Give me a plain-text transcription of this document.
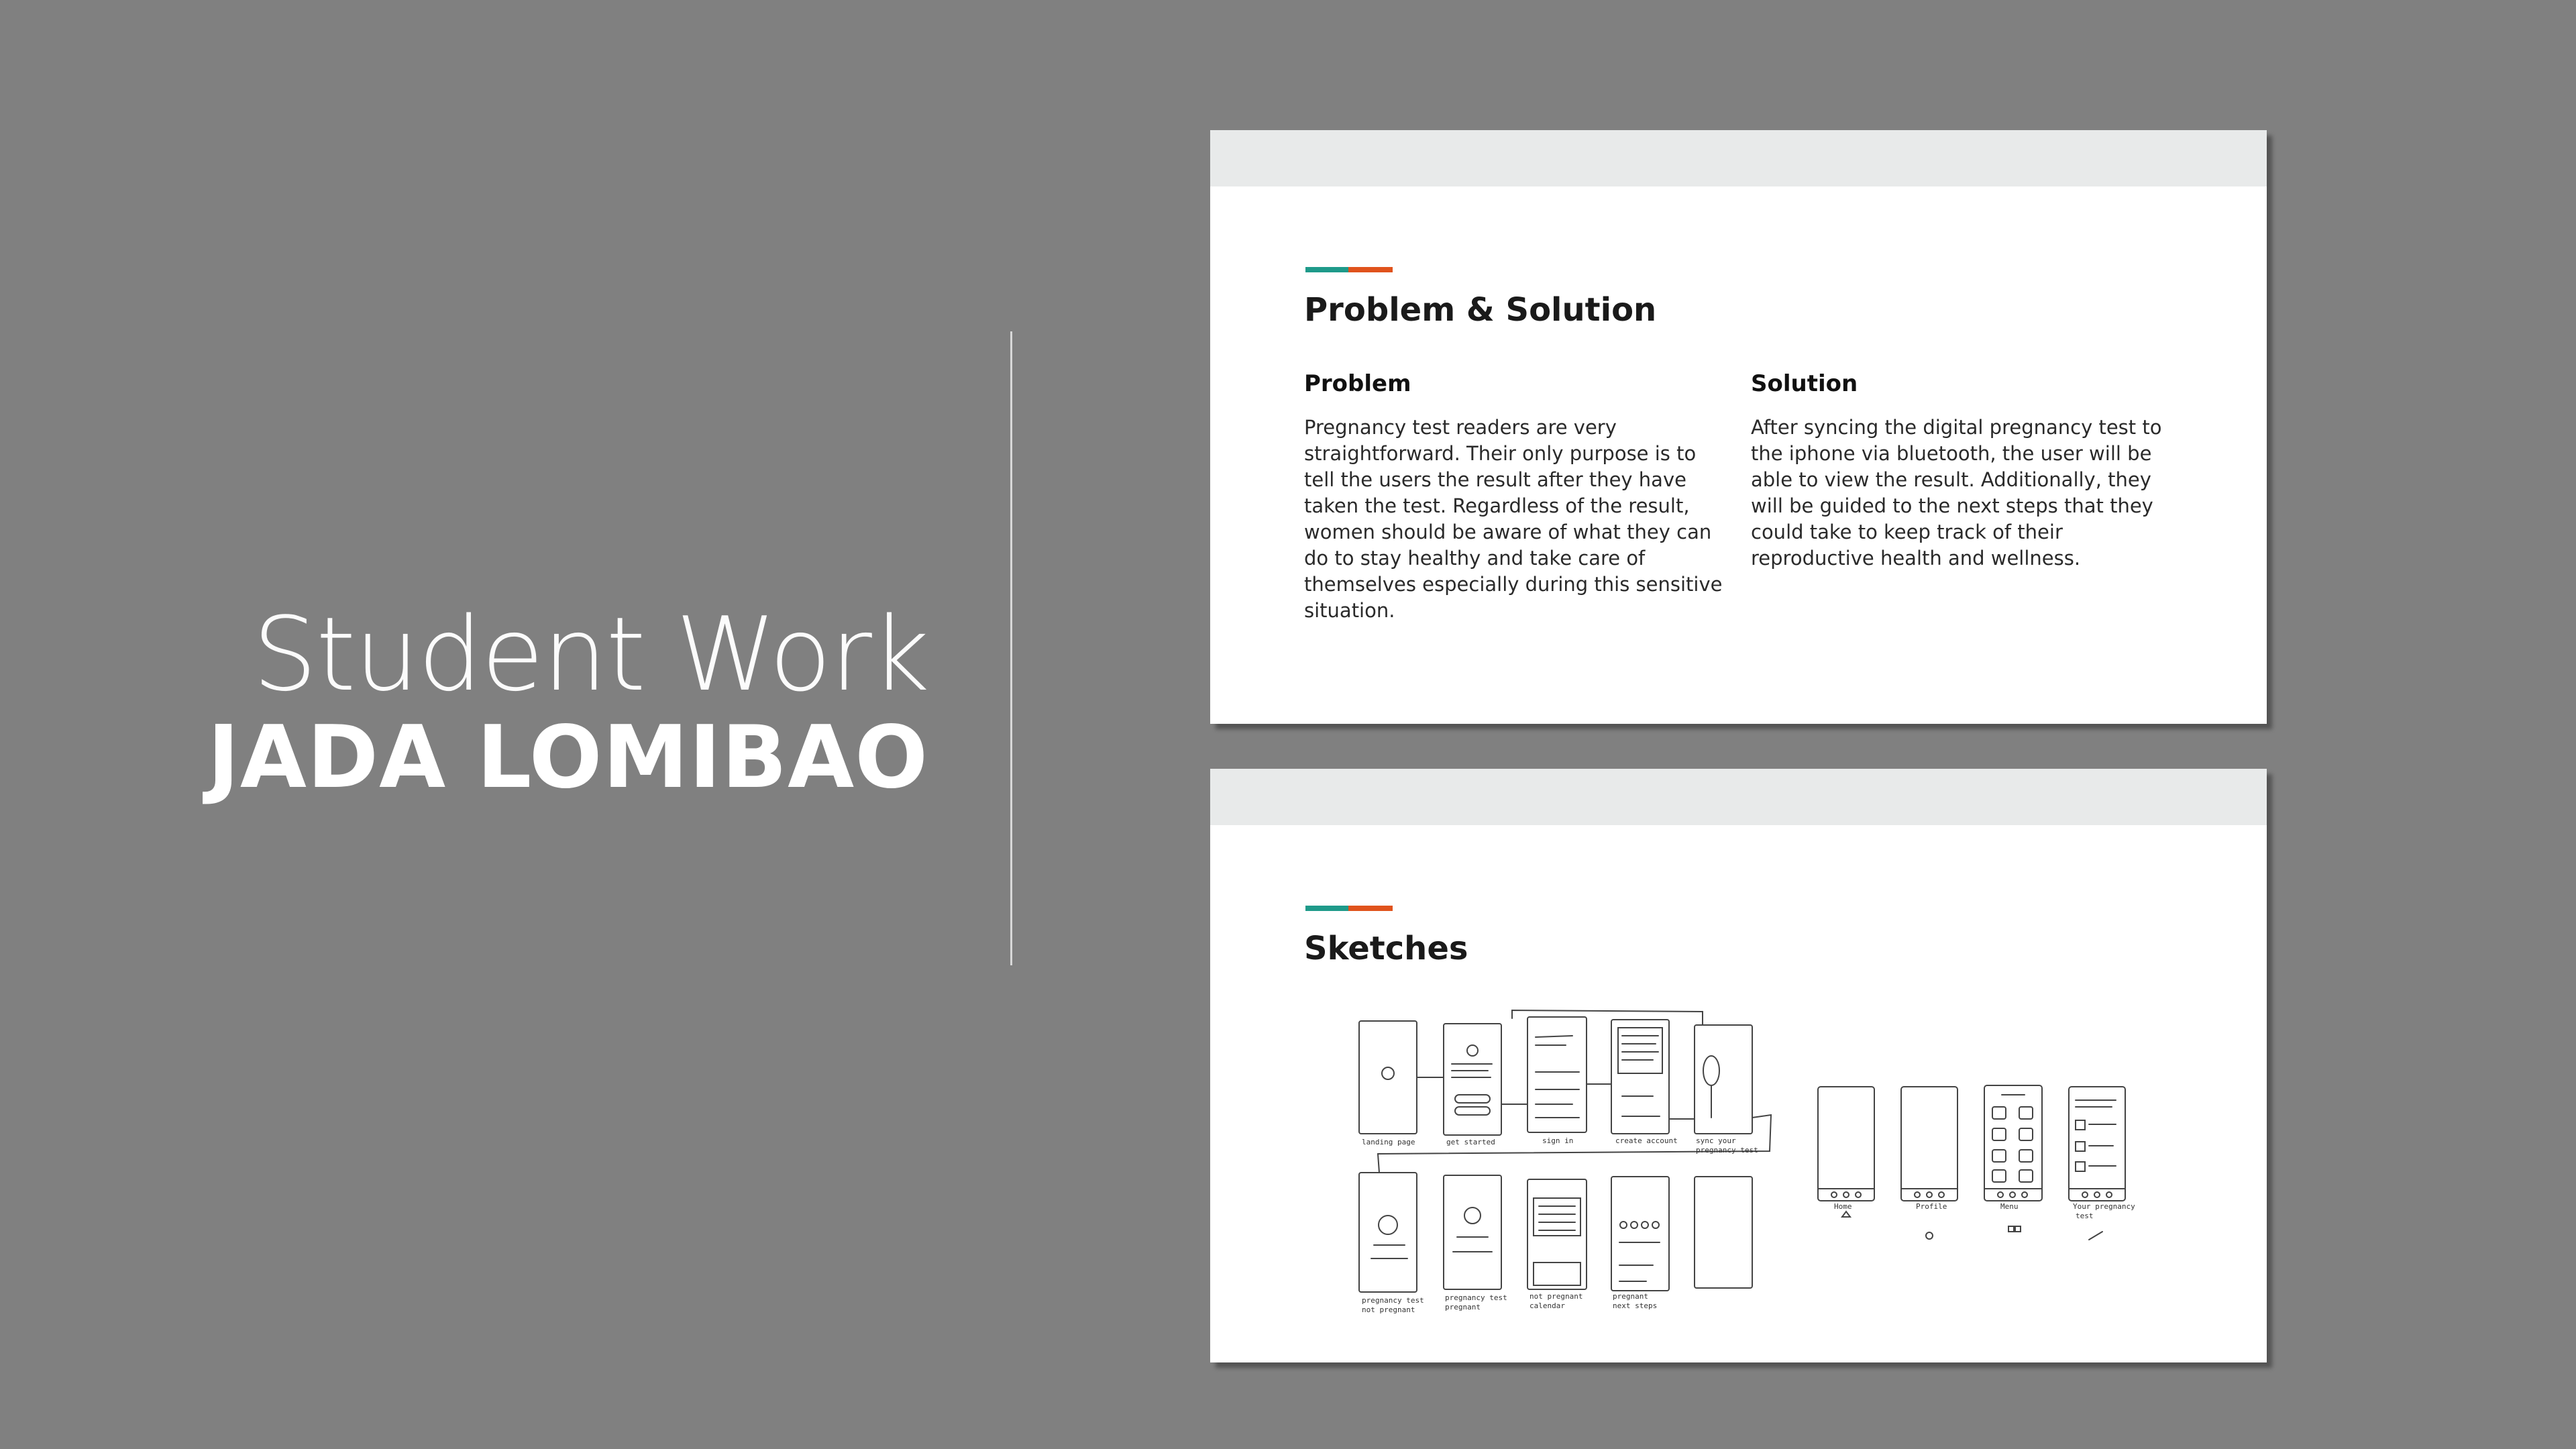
Student Work
JADA LOMIBAO
Problem & Solution
Problem
Pregnancy test readers are very straightforward. Their only purpose is to tell the users the result after they have taken the test. Regardless of the result, women should be aware of what they can do to stay healthy and take care of themselves especially during this sensitive situation.
Solution
After syncing the digital pregnancy test to the iphone via bluetooth, the user will be able to view the result. Additionally, they will be guided to the next steps that they could take to keep track of their reproductive health and wellness.
Sketches
landing page	get started	sign in	create account sync your
pregnancy test
pregnancy test
not pregnant
pregnancy test
pregnant
not pregnant
calendar
pregnant
next steps
Home	Profile	Menu	Your pregnancy
test
